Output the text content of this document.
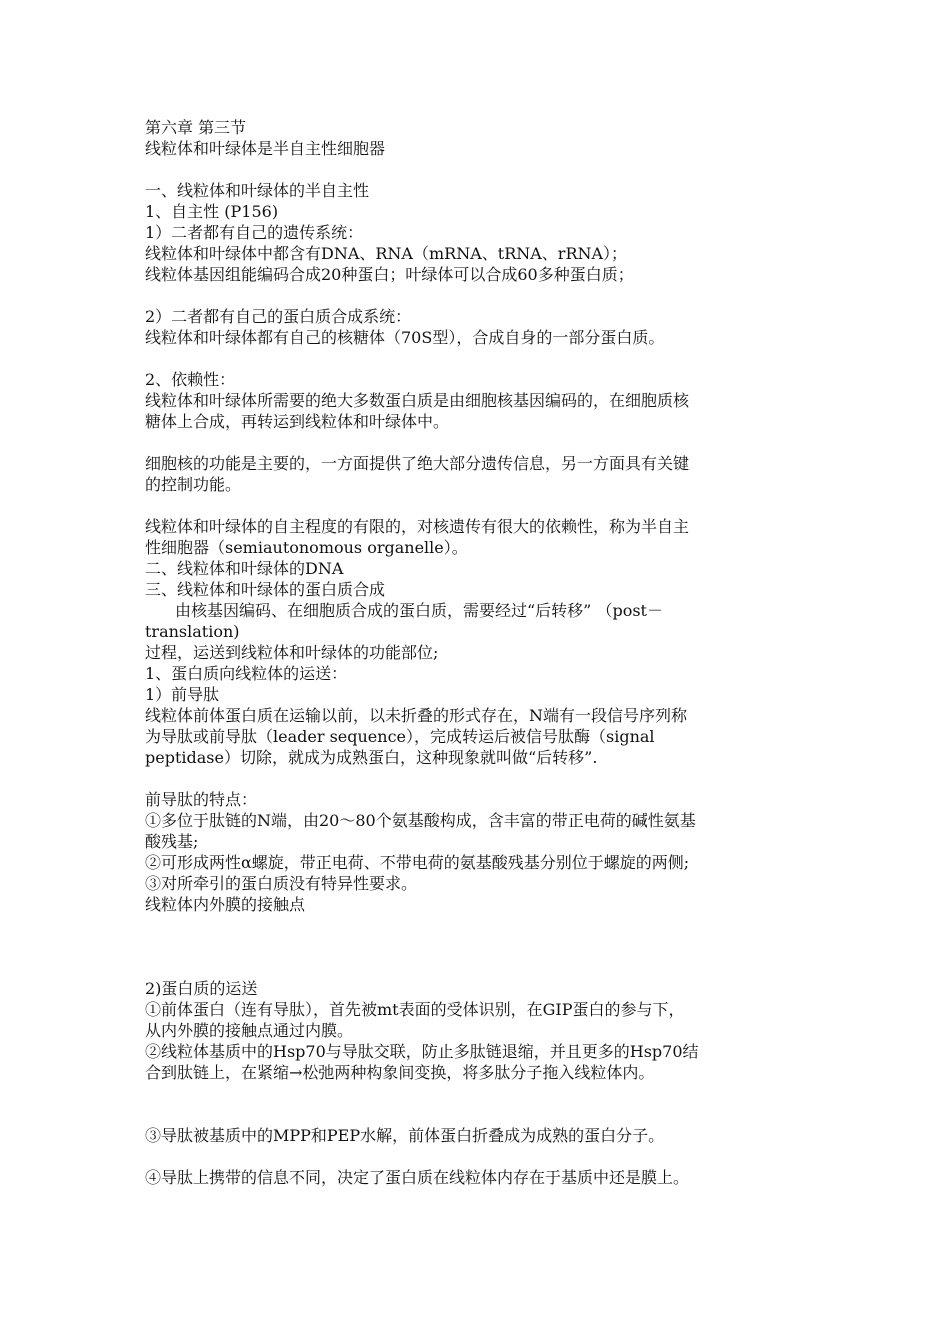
第六章 第三节
线粒体和叶绿体是半自主性细胞器
一、线粒体和叶绿体的半自主性
1、自主性 (P156)
1）二者都有自己的遗传系统：
线粒体和叶绿体中都含有DNA、RNA（mRNA、tRNA、rRNA）；
线粒体基因组能编码合成20种蛋白；叶绿体可以合成60多种蛋白质；
2）二者都有自己的蛋白质合成系统：
线粒体和叶绿体都有自己的核糖体（70S型），合成自身的一部分蛋白质。
2、依赖性：
线粒体和叶绿体所需要的绝大多数蛋白质是由细胞核基因编码的，在细胞质核
糖体上合成，再转运到线粒体和叶绿体中。
细胞核的功能是主要的，一方面提供了绝大部分遗传信息，另一方面具有关键
的控制功能。
线粒体和叶绿体的自主程度的有限的，对核遗传有很大的依赖性，称为半自主
性细胞器（semiautonomous organelle）。
二、线粒体和叶绿体的DNA
三、线粒体和叶绿体的蛋白质合成
由核基因编码、在细胞质合成的蛋白质，需要经过“后转移” （post－
translation)
过程，运送到线粒体和叶绿体的功能部位;
1、蛋白质向线粒体的运送：
1）前导肽
线粒体前体蛋白质在运输以前，以未折叠的形式存在，N端有一段信号序列称
为导肽或前导肽（leader sequence），完成转运后被信号肽酶（signal
peptidase）切除，就成为成熟蛋白，这种现象就叫做“后转移”.
前导肽的特点：
①多位于肽链的N端，由20～80个氨基酸构成，含丰富的带正电荷的碱性氨基
酸残基;
②可形成两性α螺旋，带正电荷、不带电荷的氨基酸残基分别位于螺旋的两侧;
③对所牵引的蛋白质没有特异性要求。
线粒体内外膜的接触点
2)蛋白质的运送
①前体蛋白（连有导肽），首先被mt表面的受体识别，在GIP蛋白的参与下，
从内外膜的接触点通过内膜。
②线粒体基质中的Hsp70与导肽交联，防止多肽链退缩，并且更多的Hsp70结
合到肽链上，在紧缩→松弛两种构象间变换，将多肽分子拖入线粒体内。
③导肽被基质中的MPP和PEP水解，前体蛋白折叠成为成熟的蛋白分子。
④导肽上携带的信息不同，决定了蛋白质在线粒体内存在于基质中还是膜上。
